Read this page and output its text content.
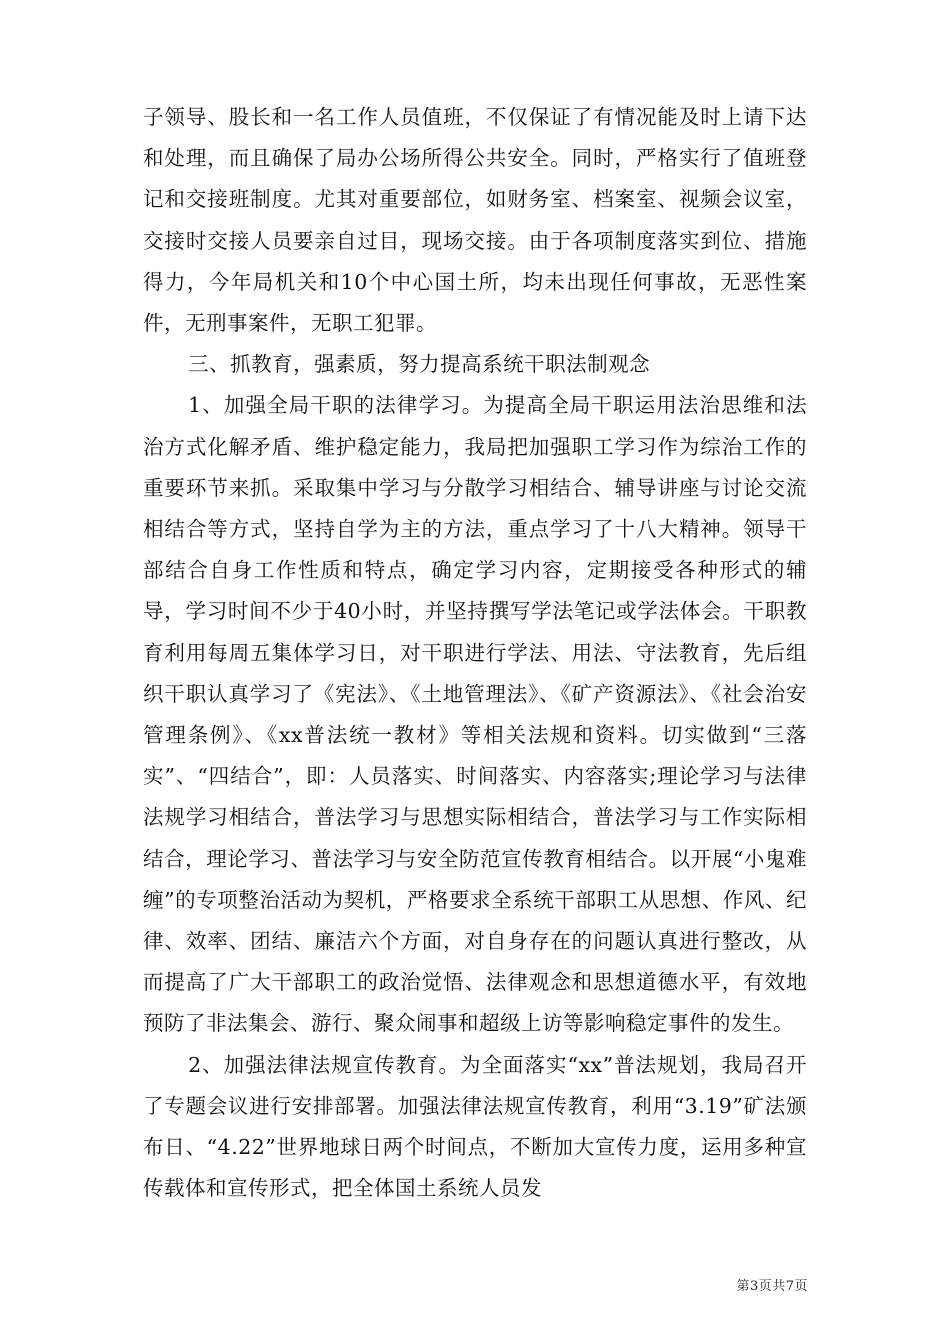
子领导、股长和一名工作人员值班，不仅保证了有情况能及时上请下达和处理，而且确保了局办公场所得公共安全。同时，严格实行了值班登记和交接班制度。尤其对重要部位，如财务室、档案室、视频会议室，交接时交接人员要亲自过目，现场交接。由于各项制度落实到位、措施得力，今年局机关和10个中心国土所，均未出现任何事故，无恶性案件，无刑事案件，无职工犯罪。

三、抓教育，强素质，努力提高系统干职法制观念

1、加强全局干职的法律学习。为提高全局干职运用法治思维和法治方式化解矛盾、维护稳定能力，我局把加强职工学习作为综治工作的重要环节来抓。采取集中学习与分散学习相结合、辅导讲座与讨论交流相结合等方式，坚持自学为主的方法，重点学习了十八大精神。领导干部结合自身工作性质和特点，确定学习内容，定期接受各种形式的辅导，学习时间不少于40小时，并坚持撰写学法笔记或学法体会。干职教育利用每周五集体学习日，对干职进行学法、用法、守法教育，先后组织干职认真学习了《宪法》、《土地管理法》、《矿产资源法》、《社会治安管理条例》、《xx普法统一教材》等相关法规和资料。切实做到“三落实”、“四结合”，即：人员落实、时间落实、内容落实;理论学习与法律法规学习相结合，普法学习与思想实际相结合，普法学习与工作实际相结合，理论学习、普法学习与安全防范宣传教育相结合。以开展“小鬼难缠”的专项整治活动为契机，严格要求全系统干部职工从思想、作风、纪律、效率、团结、廉洁六个方面，对自身存在的问题认真进行整改，从而提高了广大干部职工的政治觉悟、法律观念和思想道德水平，有效地预防了非法集会、游行、聚众闹事和超级上访等影响稳定事件的发生。

2、加强法律法规宣传教育。为全面落实“xx”普法规划，我局召开了专题会议进行安排部署。加强法律法规宣传教育，利用“3.19”矿法颁布日、“4.22”世界地球日两个时间点，不断加大宣传力度，运用多种宣传载体和宣传形式，把全体国土系统人员发

第3页共7页
